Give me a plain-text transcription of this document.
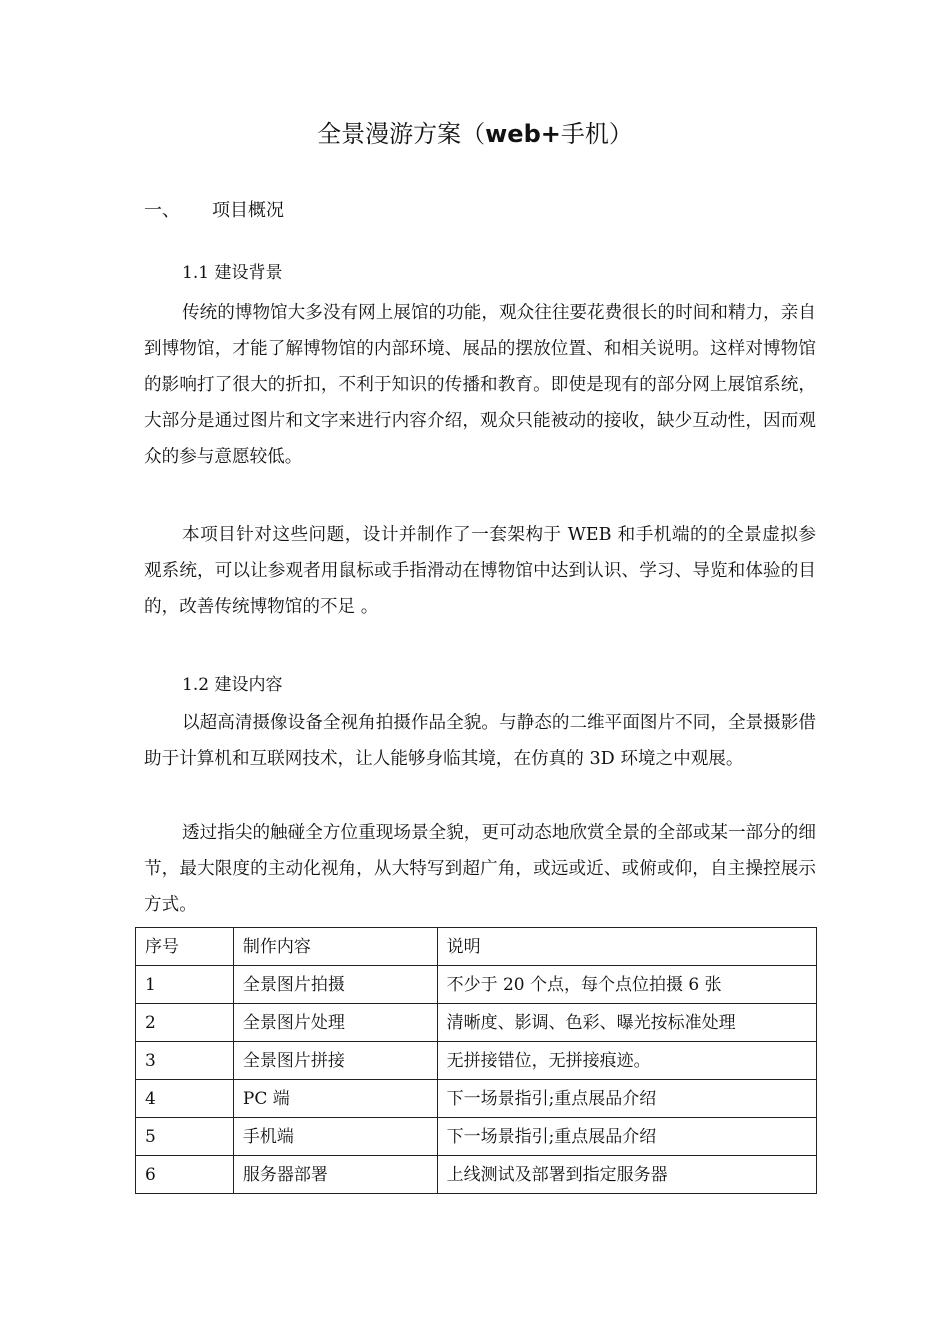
全景漫游方案（web+手机）
一、	项目概况
1.1 建设背景

传统的博物馆大多没有网上展馆的功能，观众往往要花费很长的时间和精力，亲自到博物馆，才能了解博物馆的内部环境、展品的摆放位置、和相关说明。这样对博物馆的影响打了很大的折扣，不利于知识的传播和教育。即使是现有的部分网上展馆系统，大部分是通过图片和文字来进行内容介绍，观众只能被动的接收，缺少互动性，因而观众的参与意愿较低。

本项目针对这些问题，设计并制作了一套架构于 WEB 和手机端的的全景虚拟参观系统，可以让参观者用鼠标或手指滑动在博物馆中达到认识、学习、导览和体验的目的，改善传统博物馆的不足 。

1.2 建设内容

以超高清摄像设备全视角拍摄作品全貌。与静态的二维平面图片不同，全景摄影借助于计算机和互联网技术，让人能够身临其境，在仿真的 3D 环境之中观展。

透过指尖的触碰全方位重现场景全貌，更可动态地欣赏全景的全部或某一部分的细节，最大限度的主动化视角，从大特写到超广角，或远或近、或俯或仰，自主操控展示方式。

序号	制作内容	说明
1	全景图片拍摄	不少于 20 个点，每个点位拍摄 6 张
2	全景图片处理	清晰度、影调、色彩、曝光按标准处理
3	全景图片拼接	无拼接错位，无拼接痕迹。
4	PC 端	下一场景指引;重点展品介绍
5	手机端	下一场景指引;重点展品介绍
6	服务器部署	上线测试及部署到指定服务器
